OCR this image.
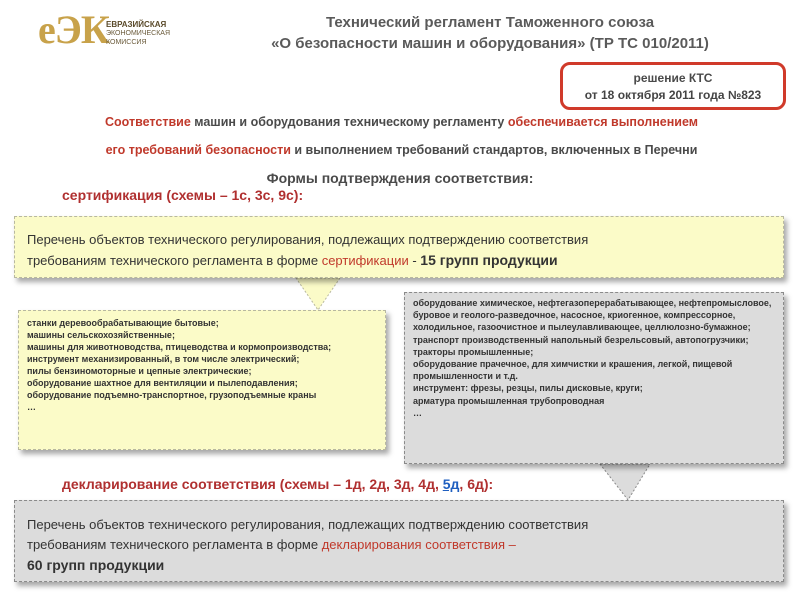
еЭК
ЕВРАЗИЙСКАЯ
ЭКОНОМИЧЕСКАЯ
КОМИССИЯ
Технический регламент Таможенного союза
«О безопасности машин и оборудования» (ТР ТС 010/2011)
решение КТС
от 18 октября 2011 года №823
Соответствие машин и оборудования техническому регламенту обеспечивается выполнением
его требований безопасности и выполнением требований стандартов, включенных в Перечни
Формы подтверждения соответствия:
сертификация (схемы – 1с, 3с, 9с):
Перечень объектов технического регулирования, подлежащих подтверждению соответствия
требованиям технического регламента в форме сертификации - 15 групп продукции
станки деревообрабатывающие бытовые;
машины сельскохозяйственные;
машины для животноводства, птицеводства и кормопроизводства;
инструмент механизированный, в том числе электрический;
пилы бензиномоторные и цепные электрические;
оборудование шахтное для вентиляции и пылеподавления;
оборудование подъемно-транспортное, грузоподъемные краны
…
оборудование химическое, нефтегазоперерабатывающее, нефтепромысловое, буровое и геолого-разведочное, насосное, криогенное, компрессорное, холодильное, газоочистное и пылеулавливающее, целлюлозно-бумажное;
транспорт производственный напольный безрельсовый, автопогрузчики;
тракторы промышленные;
оборудование прачечное, для химчистки и крашения, легкой, пищевой промышленности и т.д.
инструмент: фрезы, резцы, пилы дисковые, круги;
арматура промышленная трубопроводная
…
декларирование соответствия (схемы – 1д, 2д, 3д, 4д, 5д, 6д):
Перечень объектов технического регулирования, подлежащих подтверждению соответствия
требованиям технического регламента в форме декларирования соответствия –
60 групп продукции
